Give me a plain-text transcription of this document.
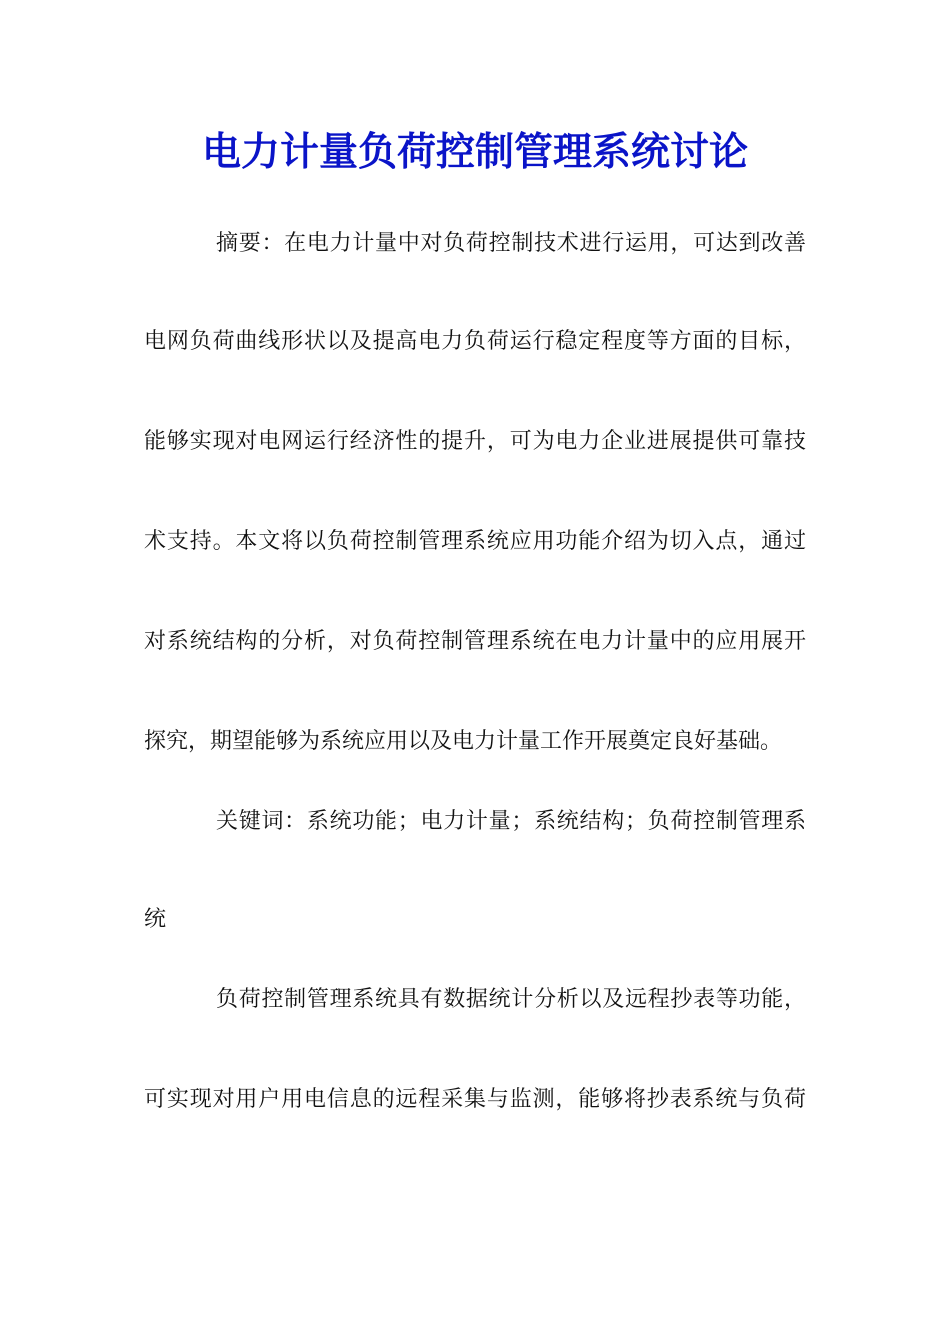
电力计量负荷控制管理系统讨论
摘要：在电力计量中对负荷控制技术进行运用，可达到改善
电网负荷曲线形状以及提高电力负荷运行稳定程度等方面的目标，
能够实现对电网运行经济性的提升，可为电力企业进展提供可靠技
术支持。本文将以负荷控制管理系统应用功能介绍为切入点，通过
对系统结构的分析，对负荷控制管理系统在电力计量中的应用展开
探究，期望能够为系统应用以及电力计量工作开展奠定良好基础。
关键词：系统功能；电力计量；系统结构；负荷控制管理系
统
负荷控制管理系统具有数据统计分析以及远程抄表等功能，
可实现对用户用电信息的远程采集与监测，能够将抄表系统与负荷
